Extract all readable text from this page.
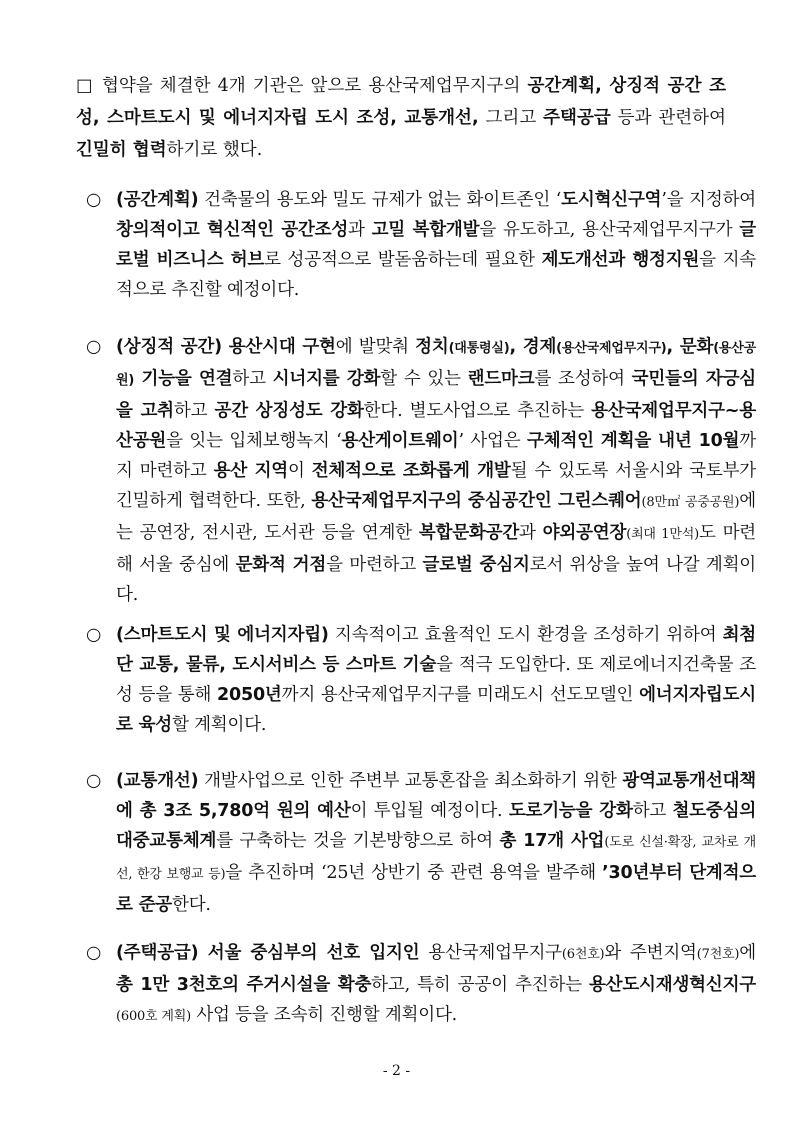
□ 협약을 체결한 4개 기관은 앞으로 용산국제업무지구의 공간계획, 상징적 공간 조성, 스마트도시 및 에너지자립 도시 조성, 교통개선, 그리고 주택공급 등과 관련하여 긴밀히 협력하기로 했다.

○ (공간계획) 건축물의 용도와 밀도 규제가 없는 화이트존인 ‘도시혁신구역’을 지정하여 창의적이고 혁신적인 공간조성과 고밀 복합개발을 유도하고, 용산국제업무지구가 글로벌 비즈니스 허브로 성공적으로 발돋움하는데 필요한 제도개선과 행정지원을 지속적으로 추진할 예정이다.

○ (상징적 공간) 용산시대 구현에 발맞춰 정치(대통령실), 경제(용산국제업무지구), 문화(용산공원) 기능을 연결하고 시너지를 강화할 수 있는 랜드마크를 조성하여 국민들의 자긍심을 고취하고 공간 상징성도 강화한다. 별도사업으로 추진하는 용산국제업무지구~용산공원을 잇는 입체보행녹지 ‘용산게이트웨이’ 사업은 구체적인 계획을 내년 10월까지 마련하고 용산 지역이 전체적으로 조화롭게 개발될 수 있도록 서울시와 국토부가 긴밀하게 협력한다. 또한, 용산국제업무지구의 중심공간인 그린스퀘어(8만㎡ 공중공원)에는 공연장, 전시관, 도서관 등을 연계한 복합문화공간과 야외공연장(최대 1만석)도 마련해 서울 중심에 문화적 거점을 마련하고 글로벌 중심지로서 위상을 높여 나갈 계획이다.

○ (스마트도시 및 에너지자립) 지속적이고 효율적인 도시 환경을 조성하기 위하여 최첨단 교통, 물류, 도시서비스 등 스마트 기술을 적극 도입한다. 또 제로에너지건축물 조성 등을 통해 2050년까지 용산국제업무지구를 미래도시 선도모델인 에너지자립도시로 육성할 계획이다.

○ (교통개선) 개발사업으로 인한 주변부 교통혼잡을 최소화하기 위한 광역교통개선대책에 총 3조 5,780억 원의 예산이 투입될 예정이다. 도로기능을 강화하고 철도중심의 대중교통체계를 구축하는 것을 기본방향으로 하여 총 17개 사업(도로 신설·확장, 교차로 개선, 한강 보행교 등)을 추진하며 ‘25년 상반기 중 관련 용역을 발주해 ’30년부터 단계적으로 준공한다.

○ (주택공급) 서울 중심부의 선호 입지인 용산국제업무지구(6천호)와 주변지역(7천호)에 총 1만 3천호의 주거시설을 확충하고, 특히 공공이 추진하는 용산도시재생혁신지구(600호 계획) 사업 등을 조속히 진행할 계획이다.

- 2 -
